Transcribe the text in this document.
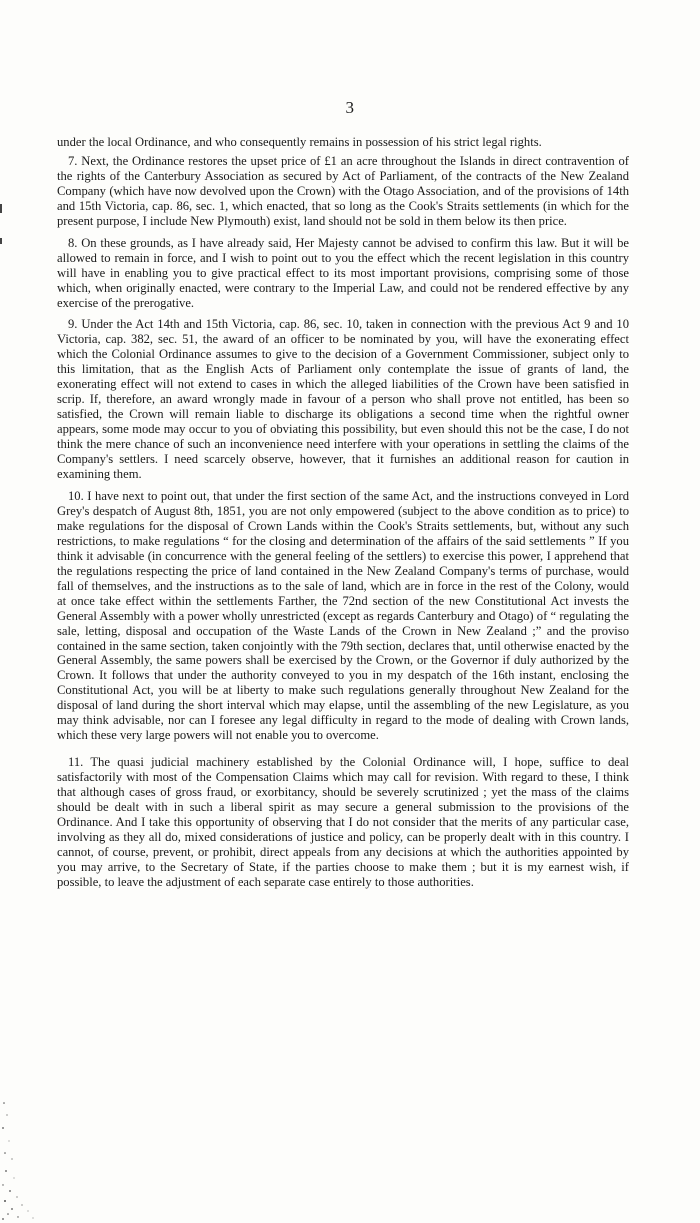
3

under the local Ordinance, and who consequently remains in possession of his strict legal rights.

7. Next, the Ordinance restores the upset price of £1 an acre throughout the Islands in direct contravention of the rights of the Canterbury Association as secured by Act of Parliament, of the contracts of the New Zealand Company (which have now devolved upon the Crown) with the Otago Association, and of the provisions of 14th and 15th Victoria, cap. 86, sec. 1, which enacted, that so long as the Cook's Straits settlements (in which for the present purpose, I include New Plymouth) exist, land should not be sold in them below its then price.

8. On these grounds, as I have already said, Her Majesty cannot be advised to confirm this law. But it will be allowed to remain in force, and I wish to point out to you the effect which the recent legislation in this country will have in enabling you to give practical effect to its most important provisions, comprising some of those which, when originally enacted, were contrary to the Imperial Law, and could not be rendered effective by any exercise of the prerogative.

9. Under the Act 14th and 15th Victoria, cap. 86, sec. 10, taken in connection with the previous Act 9 and 10 Victoria, cap. 382, sec. 51, the award of an officer to be nominated by you, will have the exonerating effect which the Colonial Ordinance assumes to give to the decision of a Government Commissioner, subject only to this limitation, that as the English Acts of Parliament only contemplate the issue of grants of land, the exonerating effect will not extend to cases in which the alleged liabilities of the Crown have been satisfied in scrip. If, therefore, an award wrongly made in favour of a person who shall prove not entitled, has been so satisfied, the Crown will remain liable to discharge its obligations a second time when the rightful owner appears, some mode may occur to you of obviating this possibility, but even should this not be the case, I do not think the mere chance of such an inconvenience need interfere with your operations in settling the claims of the Company's settlers. I need scarcely observe, however, that it furnishes an additional reason for caution in examining them.

10. I have next to point out, that under the first section of the same Act, and the instructions conveyed in Lord Grey's despatch of August 8th, 1851, you are not only empowered (subject to the above condition as to price) to make regulations for the disposal of Crown Lands within the Cook's Straits settlements, but, without any such restrictions, to make regulations “ for the closing and determination of the affairs of the said settlements ” If you think it advisable (in concurrence with the general feeling of the settlers) to exercise this power, I apprehend that the regulations respecting the price of land contained in the New Zealand Company's terms of purchase, would fall of themselves, and the instructions as to the sale of land, which are in force in the rest of the Colony, would at once take effect within the settlements Farther, the 72nd section of the new Constitutional Act invests the General Assembly with a power wholly unrestricted (except as regards Canterbury and Otago) of “ regulating the sale, letting, disposal and occupation of the Waste Lands of the Crown in New Zealand ;” and the proviso contained in the same section, taken conjointly with the 79th section, declares that, until otherwise enacted by the General Assembly, the same powers shall be exercised by the Crown, or the Governor if duly authorized by the Crown. It follows that under the authority conveyed to you in my despatch of the 16th instant, enclosing the Constitutional Act, you will be at liberty to make such regulations generally throughout New Zealand for the disposal of land during the short interval which may elapse, until the assembling of the new Legislature, as you may think advisable, nor can I foresee any legal difficulty in regard to the mode of dealing with Crown lands, which these very large powers will not enable you to overcome.

11. The quasi judicial machinery established by the Colonial Ordinance will, I hope, suffice to deal satisfactorily with most of the Compensation Claims which may call for revision. With regard to these, I think that although cases of gross fraud, or exorbitancy, should be severely scrutinized ; yet the mass of the claims should be dealt with in such a liberal spirit as may secure a general submission to the provisions of the Ordinance. And I take this opportunity of observing that I do not consider that the merits of any particular case, involving as they all do, mixed considerations of justice and policy, can be properly dealt with in this country. I cannot, of course, prevent, or prohibit, direct appeals from any decisions at which the authorities appointed by you may arrive, to the Secretary of State, if the parties choose to make them ; but it is my earnest wish, if possible, to leave the adjustment of each separate case entirely to those authorities.
